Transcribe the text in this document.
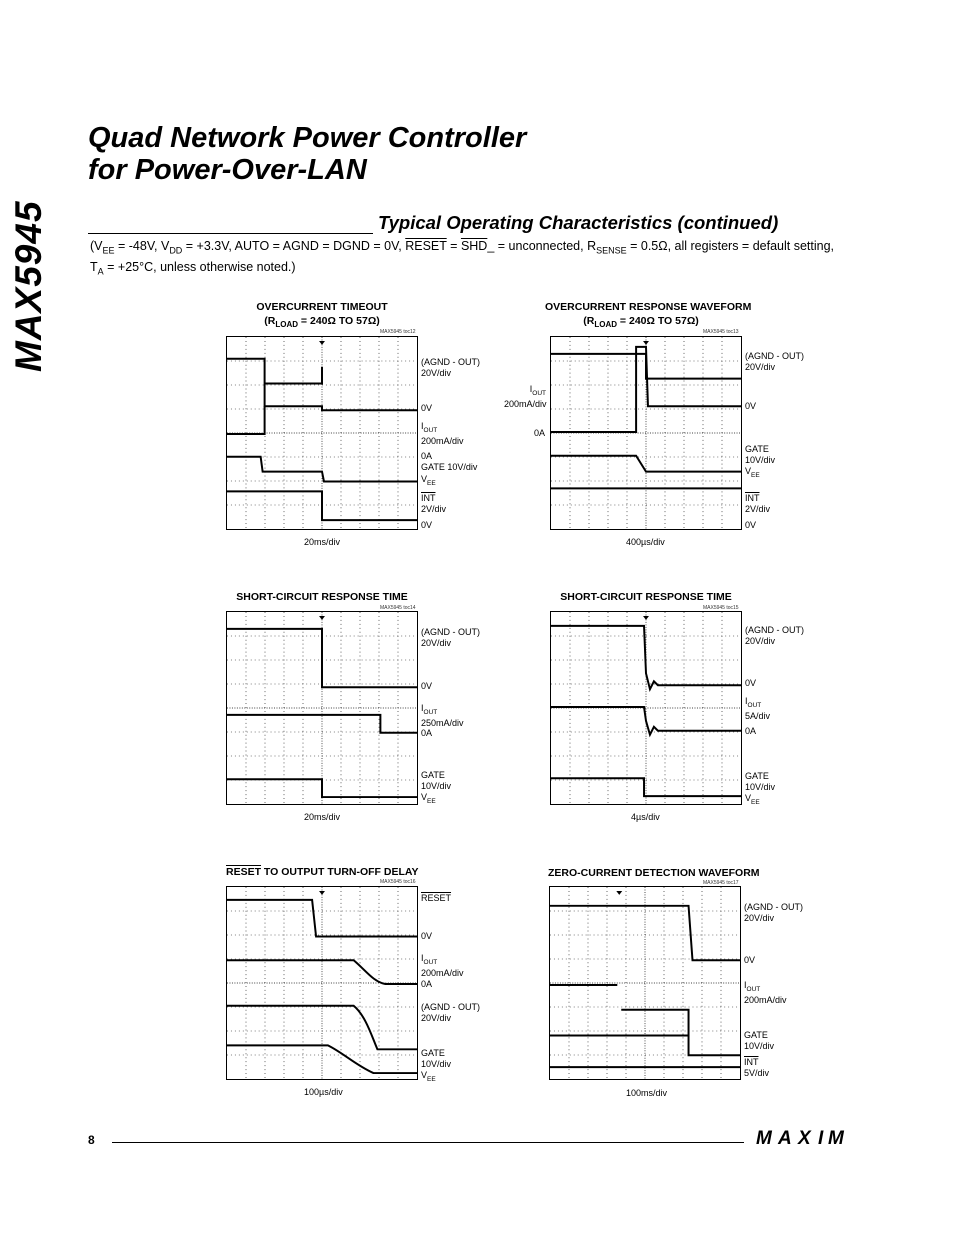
Quad Network Power Controller
for Power-Over-LAN
MAX5945	Typical Operating Characteristics (continued)
($V_{EE} = -48V$, $V_{DD} = +3.3V$, AUTO = AGND = DGND = 0V, RESET = $\overline{SHD}\_$ = unconnected, $R_{SENSE} = 0.5\Omega$, all registers = default setting,
$T_A = +25^\circ C$, unless otherwise noted.)
OVERCURRENT TIMEOUT
($R_{LOAD} = 240\Omega$ TO 57Ω)
MAX5945 toc12
(AGND - OUT)
20V/div
0V
$I_{OUT}$
200mA/div
0A
GATE 10V/div
$V_{EE}$
$\overline{INT}$
2V/div
0V
20ms/div
OVERCURRENT RESPONSE WAVEFORM
($R_{LOAD} = 240\Omega$ TO 57Ω)
MAX5945 toc13
$I_{OUT}$
200mA/div
0A
(AGND - OUT)
20V/div
0V
GATE
10V/div
$V_{EE}$
$\overline{INT}$
2V/div
0V
400µs/div
SHORT-CIRCUIT RESPONSE TIME
MAX5945 toc14
(AGND - OUT)
20V/div
0V
$I_{OUT}$
250mA/div
0A
GATE
10V/div
$V_{EE}$
20ms/div
SHORT-CIRCUIT RESPONSE TIME
MAX5945 toc15
(AGND - OUT)
20V/div
0V
$I_{OUT}$
5A/div
0A
GATE
10V/div
$V_{EE}$
4µs/div
RESET TO OUTPUT TURN-OFF DELAY
MAX5945 toc16
RESET
0V
$I_{OUT}$
200mA/div
0A
(AGND - OUT)
20V/div
GATE
10V/div
$V_{EE}$
100µs/div
ZERO-CURRENT DETECTION WAVEFORM
MAX5945 toc17
(AGND - OUT)
20V/div
0V
$I_{OUT}$
200mA/div
GATE
10V/div
$\overline{INT}$
5V/div
100ms/div
8	M A X I M
